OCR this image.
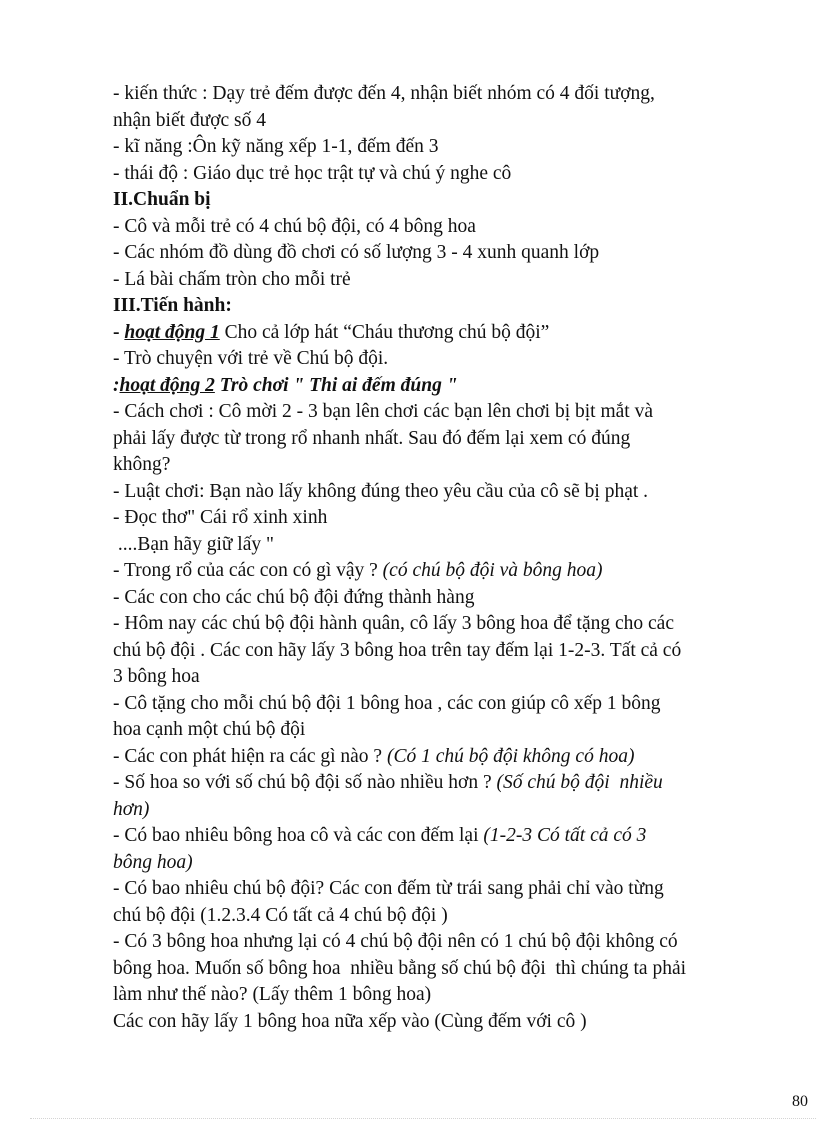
- kiến thức : Dạy trẻ đếm được đến 4, nhận biết nhóm có 4 đối tượng,

nhận biết được số 4

- kĩ năng :Ôn kỹ năng xếp 1-1, đếm đến 3

- thái độ : Giáo dục trẻ học trật tự và chú ý nghe cô

II.Chuẩn bị

- Cô và mỗi trẻ có 4 chú bộ đội, có 4 bông hoa

- Các nhóm đồ dùng đồ chơi có số lượng 3 - 4 xunh quanh lớp

- Lá bài chấm tròn cho mỗi trẻ

III.Tiến hành:

- hoạt động 1 Cho cả lớp hát “Cháu thương chú bộ đội”

- Trò chuyện với trẻ về Chú bộ đội.

:hoạt động 2 Trò chơi " Thi ai đếm đúng "

- Cách chơi : Cô mời 2 - 3 bạn lên chơi các bạn lên chơi bị bịt mắt và

phải lấy được từ trong rổ nhanh nhất. Sau đó đếm lại xem có đúng

không?

- Luật chơi: Bạn nào lấy không đúng theo yêu cầu của cô sẽ bị phạt .

- Đọc thơ" Cái rổ xinh xinh

....Bạn hãy giữ lấy "

- Trong rổ của các con có gì vậy ? (có chú bộ đội và bông hoa)

- Các con cho các chú bộ đội đứng thành hàng

- Hôm nay các chú bộ đội hành quân, cô lấy 3 bông hoa để tặng cho các

chú bộ đội . Các con hãy lấy 3 bông hoa trên tay đếm lại 1-2-3. Tất cả có

3 bông hoa

- Cô tặng cho mỗi chú bộ đội 1 bông hoa , các con giúp cô xếp 1 bông

hoa cạnh một chú bộ đội

- Các con phát hiện ra các gì nào ? (Có 1 chú bộ đội không có hoa)

- Số hoa so với số chú bộ đội số nào nhiều hơn ? (Số chú bộ đội  nhiều

hơn)

- Có bao nhiêu bông hoa cô và các con đếm lại (1-2-3 Có tất cả có 3

bông hoa)

- Có bao nhiêu chú bộ đội? Các con đếm từ trái sang phải chỉ vào từng

chú bộ đội (1.2.3.4 Có tất cả 4 chú bộ đội )

- Có 3 bông hoa nhưng lại có 4 chú bộ đội nên có 1 chú bộ đội không có

bông hoa. Muốn số bông hoa  nhiều bằng số chú bộ đội  thì chúng ta phải

làm như thế nào? (Lấy thêm 1 bông hoa)

Các con hãy lấy 1 bông hoa nữa xếp vào (Cùng đếm với cô )

80
